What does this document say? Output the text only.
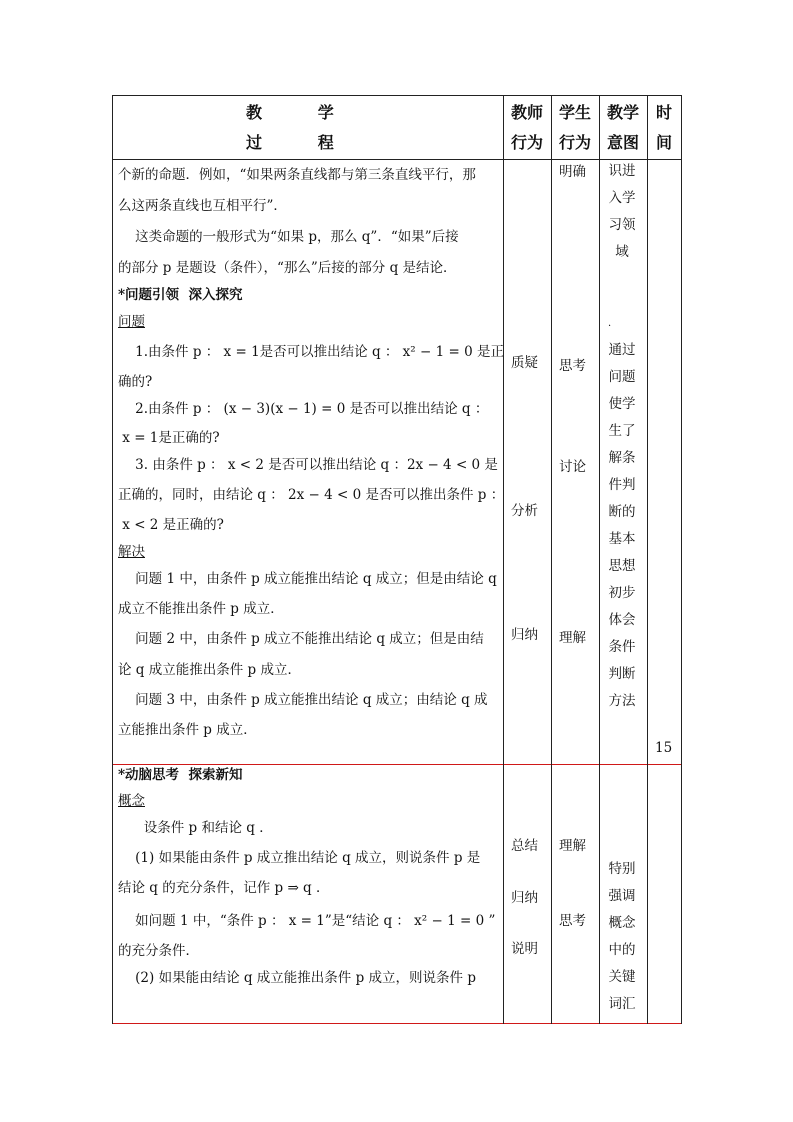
教          学
过          程
教师
行为
学生
行为
教学
意图
时
间
个新的命题．例如，“如果两条直线都与第三条直线平行，那
么这两条直线也互相平行”．
这类命题的一般形式为“如果 p，那么 q”．“如果”后接
的部分 p 是题设（条件），“那么”后接的部分 q 是结论．
*问题引领  深入探究
问题
1.由条件 p ： x = 1是否可以推出结论 q ： x² − 1 = 0 是正
确的?
2.由条件 p ： (x − 3)(x − 1) = 0 是否可以推出结论 q ：
x = 1是正确的?
3. 由条件 p ： x < 2 是否可以推出结论 q ：2x − 4 < 0 是
正确的，同时，由结论 q ： 2x − 4 < 0 是否可以推出条件 p ：
x < 2 是正确的?
解决
问题 1 中，由条件 p 成立能推出结论 q 成立；但是由结论 q
成立不能推出条件 p 成立．
问题 2 中，由条件 p 成立不能推出结论 q 成立；但是由结
论 q 成立能推出条件 p 成立．
问题 3 中，由条件 p 成立能推出结论 q 成立；由结论 q 成
立能推出条件 p 成立．
质疑
分析
归纳
明确
思考
讨论
理解
识进
入学
习领
域
·
通过
问题
使学
生了
解条
件判
断的
基本
思想
初步
体会
条件
判断
方法
15
*动脑思考  探索新知
概念
设条件 p 和结论 q ．
(1) 如果能由条件 p 成立推出结论 q 成立，则说条件 p 是
结论 q 的充分条件，记作 p ⇒ q ．
如问题 1 中，“条件 p ： x = 1”是“结论 q ： x² − 1 = 0 ”
的充分条件．
(2) 如果能由结论 q 成立能推出条件 p 成立，则说条件 p
总结
归纳
说明
理解
思考
特别
强调
概念
中的
关键
词汇
